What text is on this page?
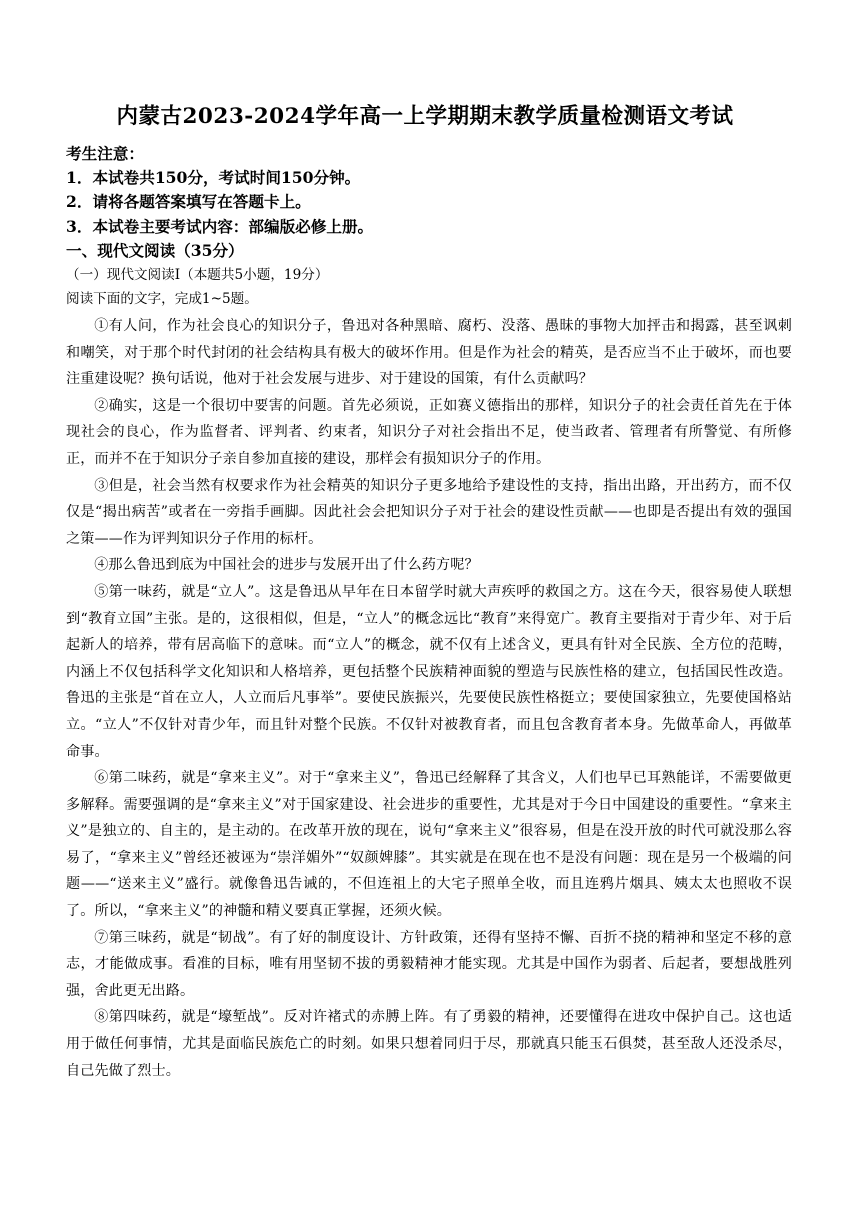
内蒙古2023-2024学年高一上学期期末教学质量检测语文考试

考生注意：

1．本试卷共150分，考试时间150分钟。

2．请将各题答案填写在答题卡上。

3．本试卷主要考试内容：部编版必修上册。

一、现代文阅读（35分）

（一）现代文阅读Ⅰ（本题共5小题，19分）

阅读下面的文字，完成1~5题。

①有人问，作为社会良心的知识分子，鲁迅对各种黑暗、腐朽、没落、愚昧的事物大加抨击和揭露，甚至讽刺和嘲笑，对于那个时代封闭的社会结构具有极大的破坏作用。但是作为社会的精英，是否应当不止于破坏，而也要注重建设呢？换句话说，他对于社会发展与进步、对于建设的国策，有什么贡献吗？

②确实，这是一个很切中要害的问题。首先必须说，正如赛义德指出的那样，知识分子的社会责任首先在于体现社会的良心，作为监督者、评判者、约束者，知识分子对社会指出不足，使当政者、管理者有所警觉、有所修正，而并不在于知识分子亲自参加直接的建设，那样会有损知识分子的作用。

③但是，社会当然有权要求作为社会精英的知识分子更多地给予建设性的支持，指出出路，开出药方，而不仅仅是“揭出病苦”或者在一旁指手画脚。因此社会会把知识分子对于社会的建设性贡献——也即是否提出有效的强国之策——作为评判知识分子作用的标杆。

④那么鲁迅到底为中国社会的进步与发展开出了什么药方呢？

⑤第一味药，就是“立人”。这是鲁迅从早年在日本留学时就大声疾呼的救国之方。这在今天，很容易使人联想到“教育立国”主张。是的，这很相似，但是，“立人”的概念远比“教育”来得宽广。教育主要指对于青少年、对于后起新人的培养，带有居高临下的意味。而“立人”的概念，就不仅有上述含义，更具有针对全民族、全方位的范畴，内涵上不仅包括科学文化知识和人格培养，更包括整个民族精神面貌的塑造与民族性格的建立，包括国民性改造。鲁迅的主张是“首在立人，人立而后凡事举”。要使民族振兴，先要使民族性格挺立；要使国家独立，先要使国格站立。“立人”不仅针对青少年，而且针对整个民族。不仅针对被教育者，而且包含教育者本身。先做革命人，再做革命事。

⑥第二味药，就是“拿来主义”。对于“拿来主义”，鲁迅已经解释了其含义，人们也早已耳熟能详，不需要做更多解释。需要强调的是“拿来主义”对于国家建设、社会进步的重要性，尤其是对于今日中国建设的重要性。“拿来主义”是独立的、自主的，是主动的。在改革开放的现在，说句“拿来主义”很容易，但是在没开放的时代可就没那么容易了，“拿来主义”曾经还被诬为“崇洋媚外”“奴颜婢膝”。其实就是在现在也不是没有问题：现在是另一个极端的问题——“送来主义”盛行。就像鲁迅告诫的，不但连祖上的大宅子照单全收，而且连鸦片烟具、姨太太也照收不误了。所以，“拿来主义”的神髓和精义要真正掌握，还须火候。

⑦第三味药，就是“韧战”。有了好的制度设计、方针政策，还得有坚持不懈、百折不挠的精神和坚定不移的意志，才能做成事。看准的目标，唯有用坚韧不拔的勇毅精神才能实现。尤其是中国作为弱者、后起者，要想战胜列强，舍此更无出路。

⑧第四味药，就是“壕堑战”。反对许褚式的赤膊上阵。有了勇毅的精神，还要懂得在进攻中保护自己。这也适用于做任何事情，尤其是面临民族危亡的时刻。如果只想着同归于尽，那就真只能玉石俱焚，甚至敌人还没杀尽，自己先做了烈士。
